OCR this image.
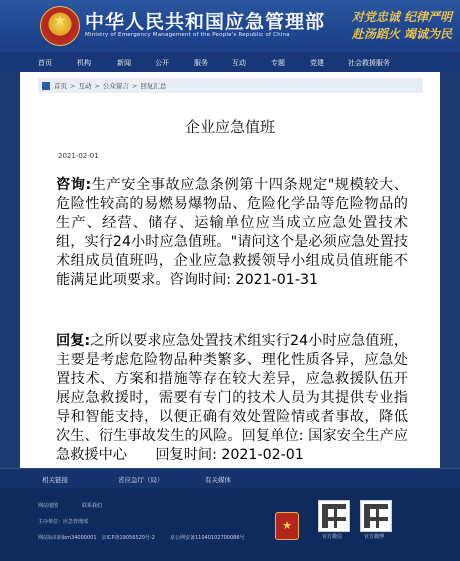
★ 中华人民共和国应急管理部
Ministry of Emergency Management of the People's Republic of China
对党忠诚 纪律严明
赴汤蹈火 竭诚为民
首页	机构	新闻	公开	服务	互动	专题	党建	社会救援服务
首页 > 互动 > 公众留言 > 回复汇总
企业应急值班
2021-02-01

咨询:生产安全事故应急条例第十四条规定"规模较大、危险性较高的易燃易爆物品、危险化学品等危险物品的生产、经营、储存、运输单位应当成立应急处置技术组，实行24小时应急值班。"请问这个是必须应急处置技术组成员值班吗，企业应急救援领导小组成员值班能不能满足此项要求。咨询时间: 2021-01-31

回复:之所以要求应急处置技术组实行24小时应急值班，主要是考虑危险物品种类繁多、理化性质各异，应急处置技术、方案和措施等存在较大差异，应急救援队伍开展应急救援时，需要有专门的技术人员为其提供专业指导和智能支持，以便正确有效处置险情或者事故，降低次生、衍生事故发生的风险。回复单位: 国家安全生产应急救援中心　　回复时间: 2021-02-01

相关链接	省应急厅（局）	有关媒体
网站地图	联系我们
主办单位：应急管理部
网站标识码bm34000001　京ICP备19056520号-2	京公网安备11040102700086号
★
官方微信	官方微博
